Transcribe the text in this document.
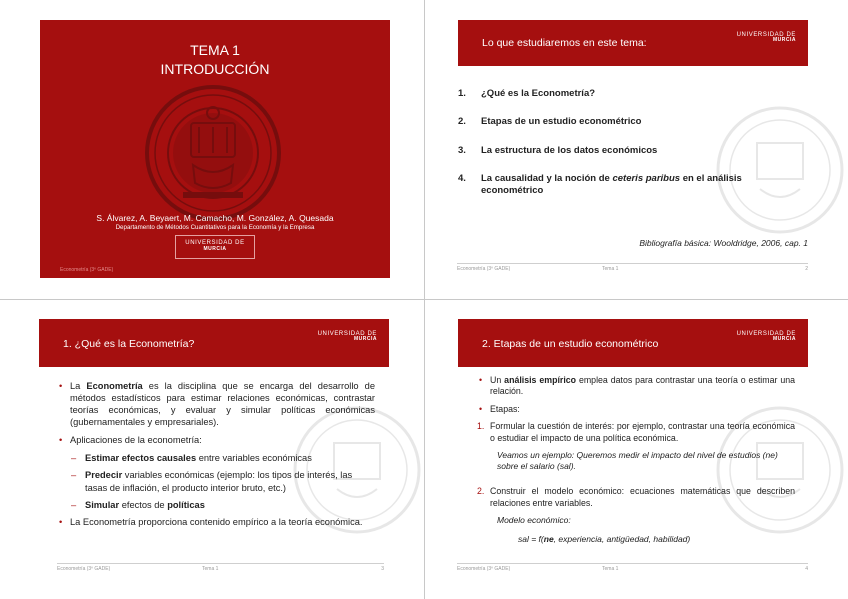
TEMA 1
INTRODUCCIÓN
S. Álvarez, A. Beyaert, M. Camacho, M. González, A. Quesada
Departamento de Métodos Cuantitativos para la Economía y la Empresa
UNIVERSIDAD DE
MURCIA
Econometría (3º GADE)
Lo que estudiaremos en este tema:
UNIVERSIDAD DE
MURCIA
1. ¿Qué es la Econometría?
2. Etapas de un estudio econométrico
3. La estructura de los datos económicos
4. La causalidad y la noción de ceteris paribus en el análisis econométrico
Bibliografía básica: Wooldridge, 2006, cap. 1
Econometría (3º GADE)	Tema 1	2
1. ¿Qué es la Econometría?
UNIVERSIDAD DE
MURCIA
• La Econometría es la disciplina que se encarga del desarrollo de métodos estadísticos para estimar relaciones económicas, contrastar teorías económicas, y evaluar y simular políticas económicas (gubernamentales y empresariales).
• Aplicaciones de la econometría:
– Estimar efectos causales entre variables económicas
– Predecir variables económicas (ejemplo: los tipos de interés, las tasas de inflación, el producto interior bruto, etc.)
– Simular efectos de políticas
• La Econometría proporciona contenido empírico a la teoría económica.
Econometría (3º GADE)	Tema 1	3
2. Etapas de un estudio econométrico
UNIVERSIDAD DE
MURCIA
• Un análisis empírico emplea datos para contrastar una teoría o estimar una relación.
• Etapas:
1. Formular la cuestión de interés: por ejemplo, contrastar una teoría económica o estudiar el impacto de una política económica.
Veamos un ejemplo: Queremos medir el impacto del nivel de estudios (ne) sobre el salario (sal).
2. Construir el modelo económico: ecuaciones matemáticas que describen relaciones entre variables.
Modelo económico:
sal = f(ne, experiencia, antigüedad, habilidad)
Econometría (3º GADE)	Tema 1	4
